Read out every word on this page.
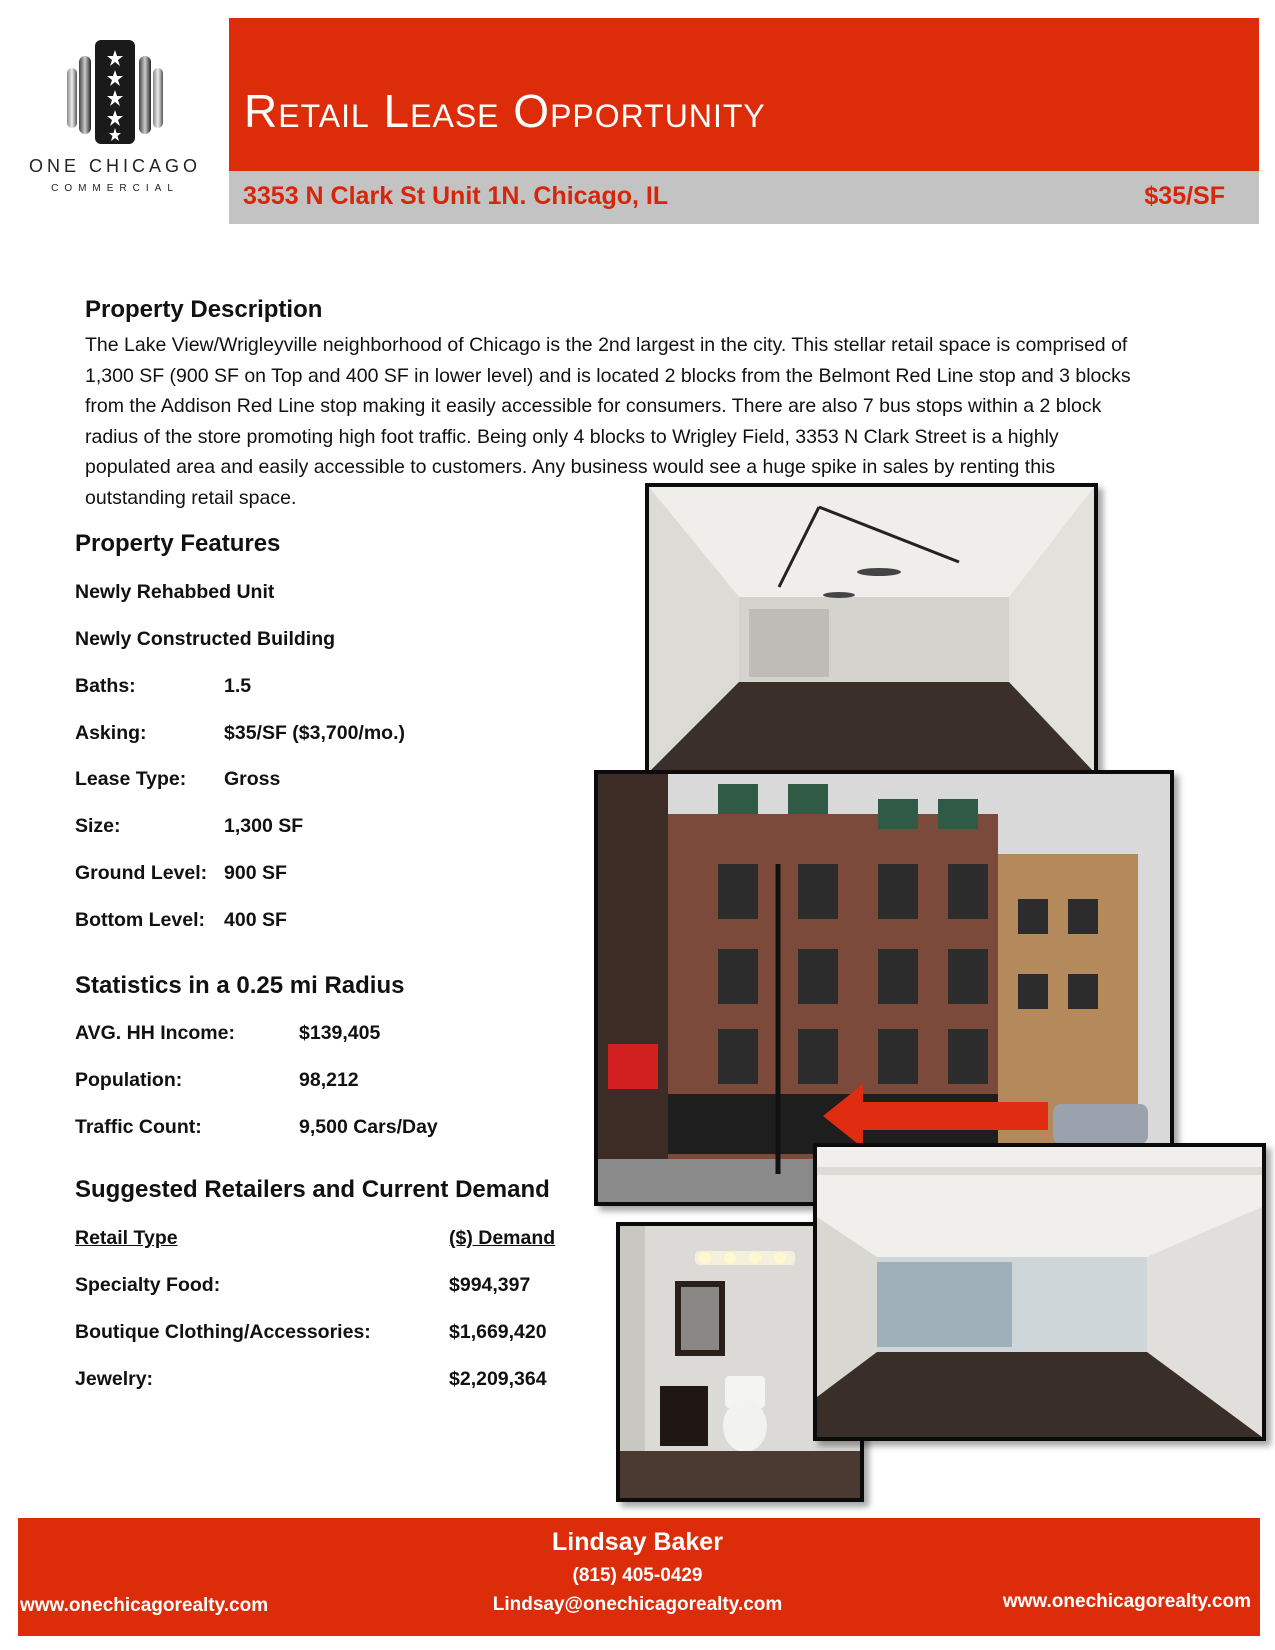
ONE CHICAGO
COMMERCIAL
Retail Lease Opportunity
3353 N Clark St Unit 1N. Chicago, IL	$35/SF
Property Description
The Lake View/Wrigleyville neighborhood of Chicago is the 2nd largest in the city. This stellar retail space is comprised of 1,300 SF (900 SF on Top and 400 SF in lower level) and is located 2 blocks from the Belmont Red Line stop and 3 blocks from the Addison Red Line stop making it easily accessible for consumers. There are also 7 bus stops within a 2 block radius of the store promoting high foot traffic. Being only 4 blocks to Wrigley Field, 3353 N Clark Street is a highly populated area and easily accessible to customers. Any business would see a huge spike in sales by renting this outstanding retail space.
Property Features
Newly Rehabbed Unit
Newly Constructed Building
Baths:	1.5
Asking:	$35/SF ($3,700/mo.)
Lease Type: Gross
Size:	1,300 SF
Ground Level: 900 SF
Bottom Level: 400 SF
Statistics in a 0.25 mi Radius
AVG. HH Income:	$139,405
Population:	98,212
Traffic Count:	9,500 Cars/Day
Suggested Retailers and Current Demand
Retail Type	($) Demand
Specialty Food:	$994,397
Boutique Clothing/Accessories:	$1,669,420
Jewelry:	$2,209,364
Lindsay Baker
(815) 405-0429
Lindsay@onechicagorealty.com
www.onechicagorealty.com	www.onechicagorealty.com
